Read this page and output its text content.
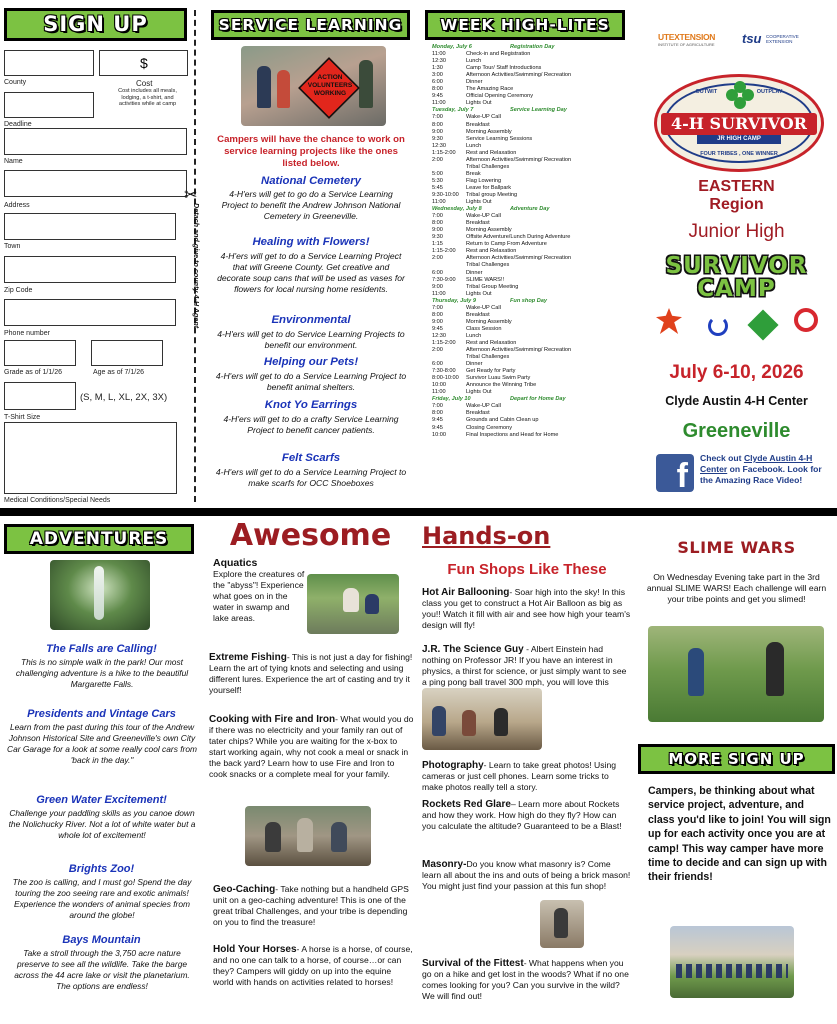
SIGN UP
$
County	Cost
Cost includes all meals, lodging, a t-shirt, and activities while at camp
Deadline
Name
Address
Town
Zip Code
Phone number
Grade as of 1/1/26	Age as of 7/1/26
(S, M, L, XL, 2X, 3X)
T-Shirt Size
Medical Conditions/Special Needs
✂
Detach and give to county 4-H Agent
SERVICE LEARNING
ACTION VOLUNTEERS WORKING
Campers will have the chance to work on service learning projects like the ones listed below.
National Cemetery
4-H'ers will get to go do a Service Learning Project to benefit the Andrew Johnson National Cemetery in Greeneville.
Healing with Flowers!
4-H'ers will get to do a Service Learning Project that will Greene County. Get creative and decorate soup cans that will be used as vases for flowers for local nursing home residents.
Environmental
4-H'ers will get to do Service Learning Projects to benefit our environment.
Helping our Pets!
4-H'ers will get to do a Service Learning Project to benefit animal shelters.
Knot Yo Earrings
4-H'ers will get to do a crafty Service Learning Project to benefit cancer patients.
Felt Scarfs
4-H'ers will get to do a Service Learning Project to make scarfs for OCC Shoeboxes
WEEK HIGH-LITES
Monday, July 6	Registration Day
11:00	Check-in and Registration
12:30	Lunch
1:30	Camp Tour/ Staff Introductions
3:00	Afternoon Activities/Swimming/ Recreation
6:00	Dinner
8:00	The Amazing Race
9:45	Official Opening Ceremony
11:00	Lights Out
Tuesday, July 7	Service Learning Day
7:00	Wake-UP Call
8:00	Breakfast
9:00	Morning Assembly
9:30	Service Learning Sessions
12:30	Lunch
1:15-2:00	Rest and Relaxation
2:00	Afternoon Activities/Swimming/ Recreation
Tribal Challenges
5:00	Break
5:30	Flag Lowering
5:45	Leave for Ballpark
9:30-10:00	Tribal group Meeting
11:00	Lights Out
Wednesday, July 8	Adventure Day
7:00	Wake-UP Call
8:00	Breakfast
9:00	Morning Assembly
9:30	Offsite Adventure/Lunch During Adventure
1:15	Return to Camp From Adventure
1:15-2:00	Rest and Relaxation
2:00	Afternoon Activities/Swimming/ Recreation
Tribal Challenges
6:00	Dinner
7:30-9:00	SLIME WARS!!
9:00	Tribal Group Meeting
11:00	Lights Out
Thursday, July 9	Fun shop Day
7:00	Wake-UP Call
8:00	Breakfast
9:00	Morning Assembly
9:45	Class Session
12:30	Lunch
1:15-2:00	Rest and Relaxation
2:00	Afternoon Activities/Swimming/ Recreation
Tribal Challenges
6:00	Dinner
7:30-8:00	Get Ready for Party
8:00-10:00	Survivor Luau Swim Party
10:00	Announce the Winning Tribe
11:00	Lights Out
Friday, July 10	Depart for Home Day
7:00	Wake-UP Call
8:00	Breakfast
9:45	Grounds and Cabin Clean up
9:45	Closing Ceremony
10:00	Final Inspections and Head for Home
UTEXTENSION
INSTITUTE OF AGRICULTURE	tsu COOPERATIVE EXTENSION
OUTWIT OUTPLAY
4-H SURVIVOR
JR HIGH CAMP
FOUR TRIBES , ONE WINNER
EASTERN
Region
Junior High
SURVIVOR
CAMP
July 6-10, 2026
Clyde Austin 4-H Center
Greeneville
f	Check out Clyde Austin 4-H Center on Facebook. Look for the Amazing Race Video!
ADVENTURES
The Falls are Calling!
This is no simple walk in the park! Our most challenging adventure is a hike to the beautiful Margarette Falls.
Presidents and Vintage Cars
Learn from the past during this tour of the Andrew Johnson Historical Site and Greeneville's own City Car Garage for a look at some really cool cars from 'back in the day."
Green Water Excitement!
Challenge your paddling skills as you canoe down the Nolichucky River. Not a lot of white water but a whole lot of excitement!
Brights Zoo!
The zoo is calling, and I must go! Spend the day touring the zoo seeing rare and exotic animals! Experience the wonders of animal species from around the globe!
Bays Mountain
Take a stroll through the 3,750 acre nature preserve to see all the wildlife. Take the barge across the 44 acre lake or visit the planetarium. The options are endless!
Awesome
Aquatics
Explore the creatures of the "abyss"! Experience what goes on in the water in swamp and lake areas.
Extreme Fishing- This is not just a day for fishing! Learn the art of tying knots and selecting and using different lures. Experience the art of casting and try it yourself!
Cooking with Fire and Iron- What would you do if there was no electricity and your family ran out of tater chips? While you are waiting for the x-box to start working again, why not cook a meal or snack in the back yard? Learn how to use Fire and Iron to cook snacks or a complete meal for your family.
Geo-Caching- Take nothing but a handheld GPS unit on a geo-caching adventure! This is one of the great tribal Challenges, and your tribe is depending on you to find the treasure!
Hold Your Horses- A horse is a horse, of course, and no one can talk to a horse, of course…or can they? Campers will giddy on up into the equine world with hands on activities related to horses!
Hands-on
Fun Shops Like These
Hot Air Ballooning- Soar high into the sky! In this class you get to construct a Hot Air Balloon as big as you!! Watch it fill with air and see how high your team's design will fly!
J.R. The Science Guy - Albert Einstein had nothing on Professor JR! If you have an interest in physics, a thirst for science, or just simply want to see a ping pong ball travel 300 mph, you will love this
Photography- Learn to take great photos! Using cameras or just cell phones. Learn some tricks to make photos really tell a story.
Rockets Red Glare– Learn more about Rockets and how they work. How high do they fly? How can you calculate the altitude? Guaranteed to be a Blast!
Masonry-Do you know what masonry is? Come learn all about the ins and outs of being a brick mason! You might just find your passion at this fun shop!
Survival of the Fittest- What happens when you go on a hike and get lost in the woods? What if no one comes looking for you? Can you survive in the wild? We will find out!
SLIME WARS
On Wednesday Evening take part in the 3rd annual SLIME WARS! Each challenge will earn your tribe points and get you slimed!
MORE SIGN UP
Campers, be thinking about what service project, adventure, and class you'd like to join! You will sign up for each activity once you are at camp! This way camper have more time to decide and can sign up with their friends!
